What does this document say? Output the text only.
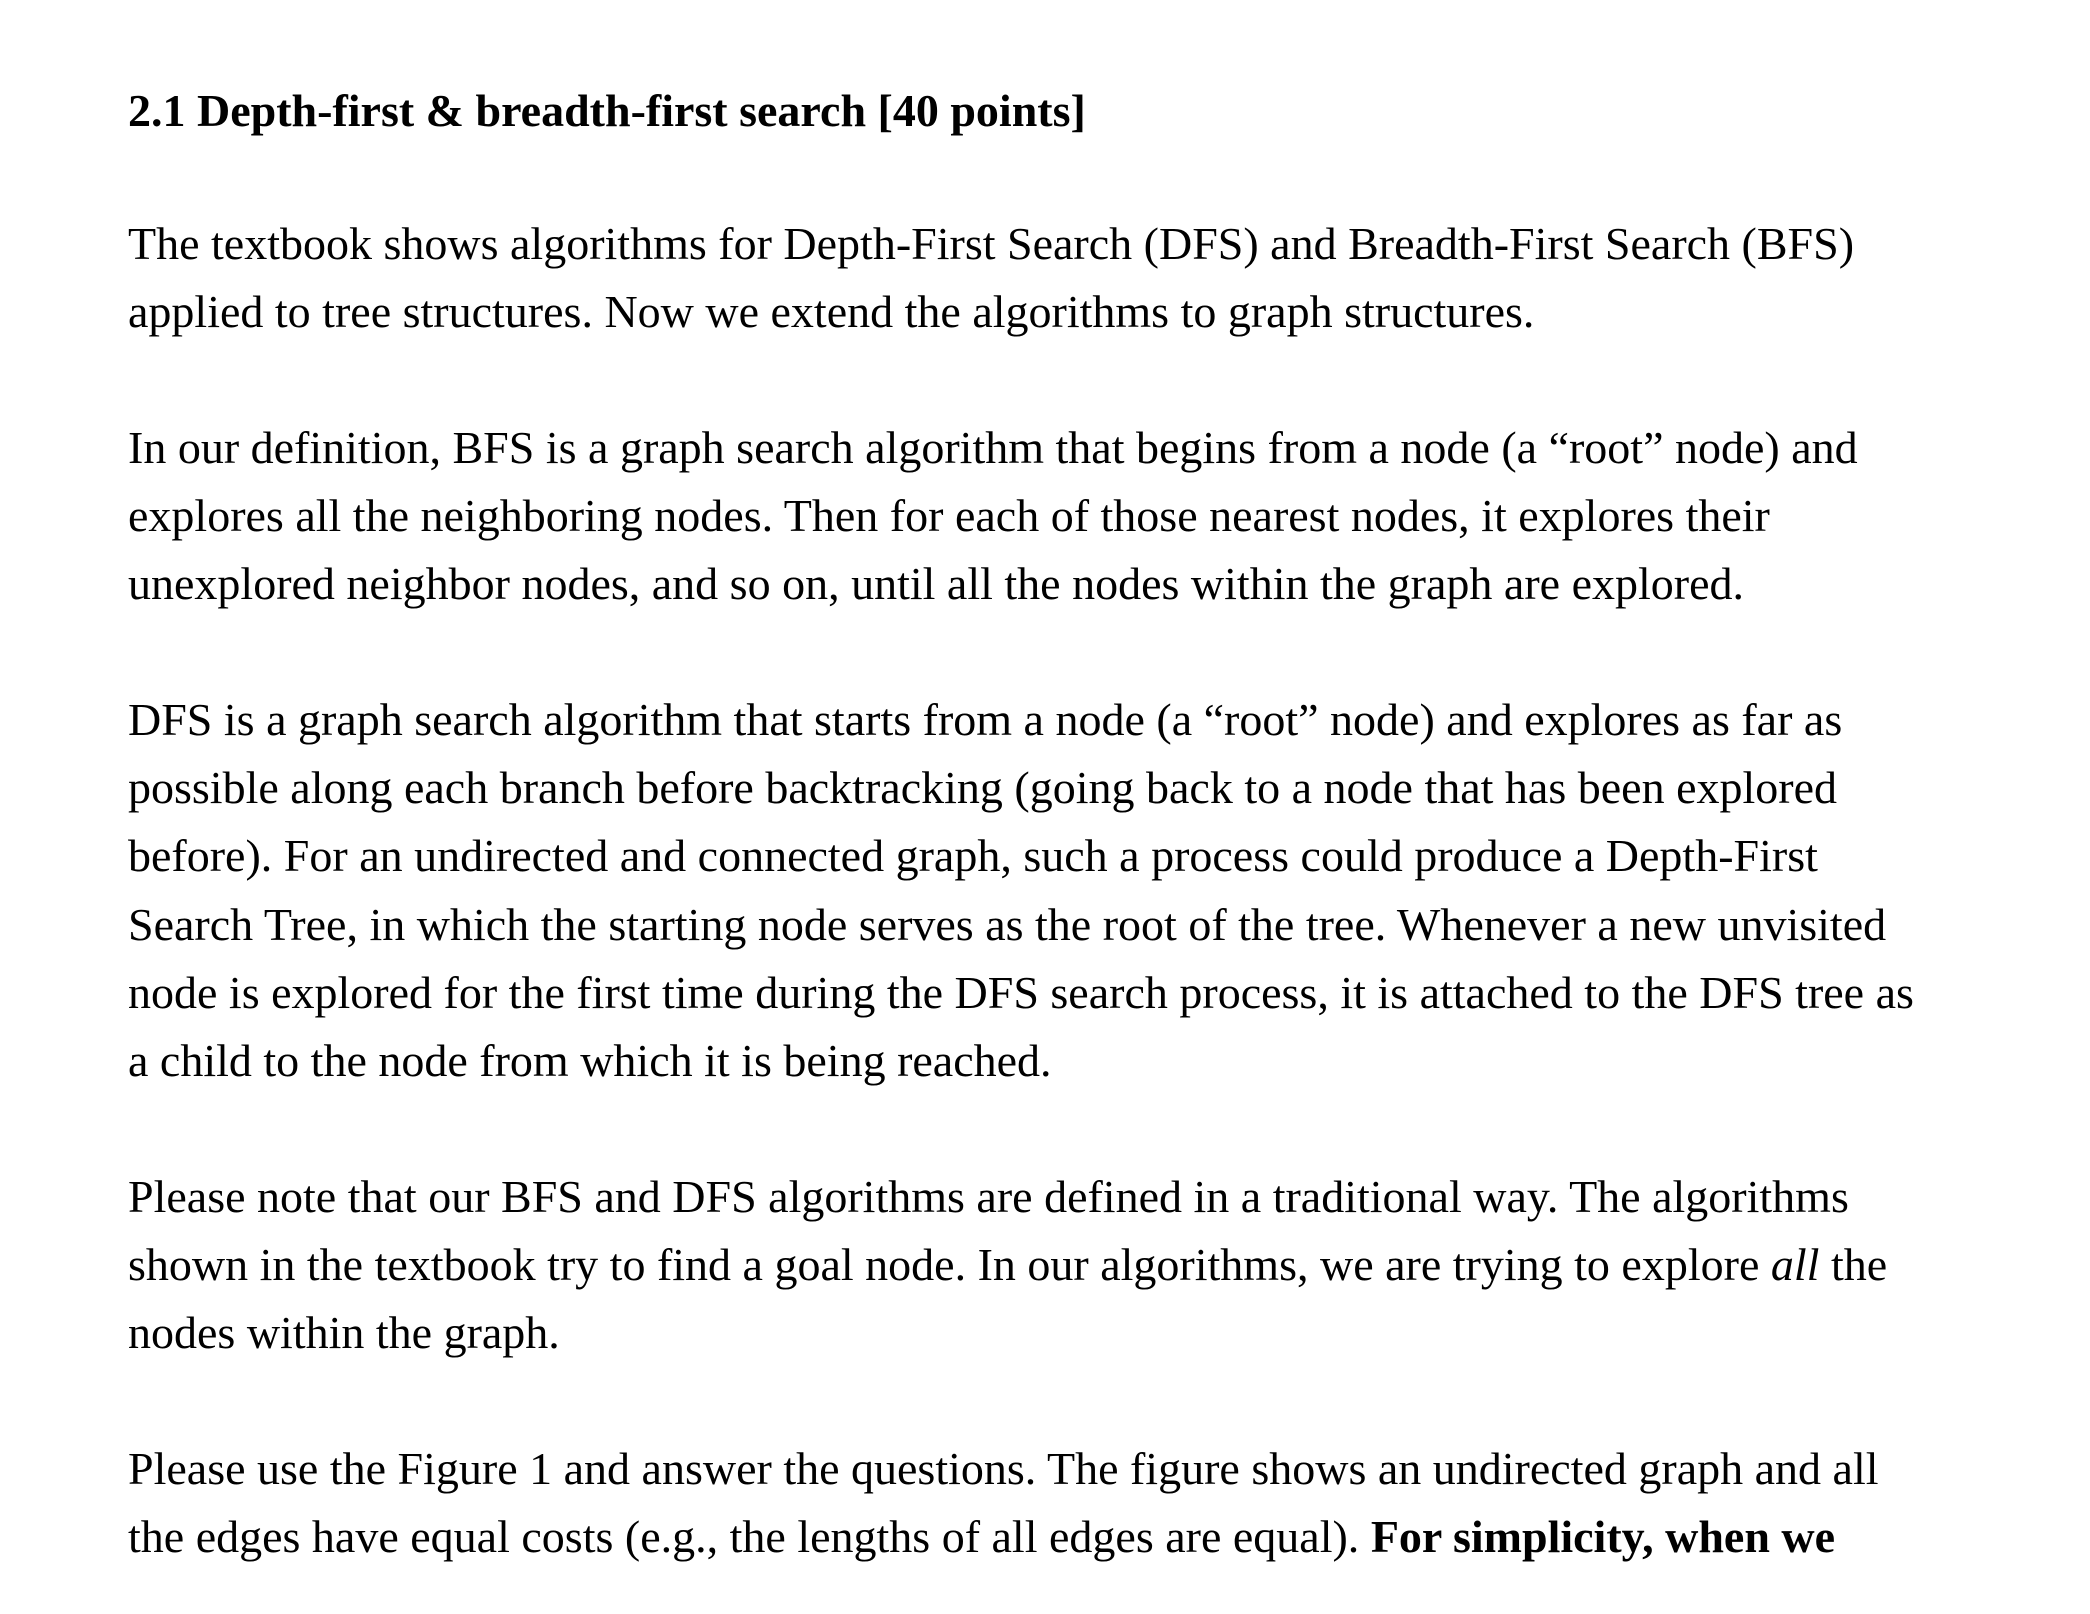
2.1 Depth-first & breadth-first search [40 points]

The textbook shows algorithms for Depth-First Search (DFS) and Breadth-First Search (BFS)
applied to tree structures. Now we extend the algorithms to graph structures.

In our definition, BFS is a graph search algorithm that begins from a node (a “root” node) and
explores all the neighboring nodes. Then for each of those nearest nodes, it explores their
unexplored neighbor nodes, and so on, until all the nodes within the graph are explored.

DFS is a graph search algorithm that starts from a node (a “root” node) and explores as far as
possible along each branch before backtracking (going back to a node that has been explored
before). For an undirected and connected graph, such a process could produce a Depth-First
Search Tree, in which the starting node serves as the root of the tree. Whenever a new unvisited
node is explored for the first time during the DFS search process, it is attached to the DFS tree as
a child to the node from which it is being reached.

Please note that our BFS and DFS algorithms are defined in a traditional way. The algorithms
shown in the textbook try to find a goal node. In our algorithms, we are trying to explore all the
nodes within the graph.

Please use the Figure 1 and answer the questions. The figure shows an undirected graph and all
the edges have equal costs (e.g., the lengths of all edges are equal). For simplicity, when we
